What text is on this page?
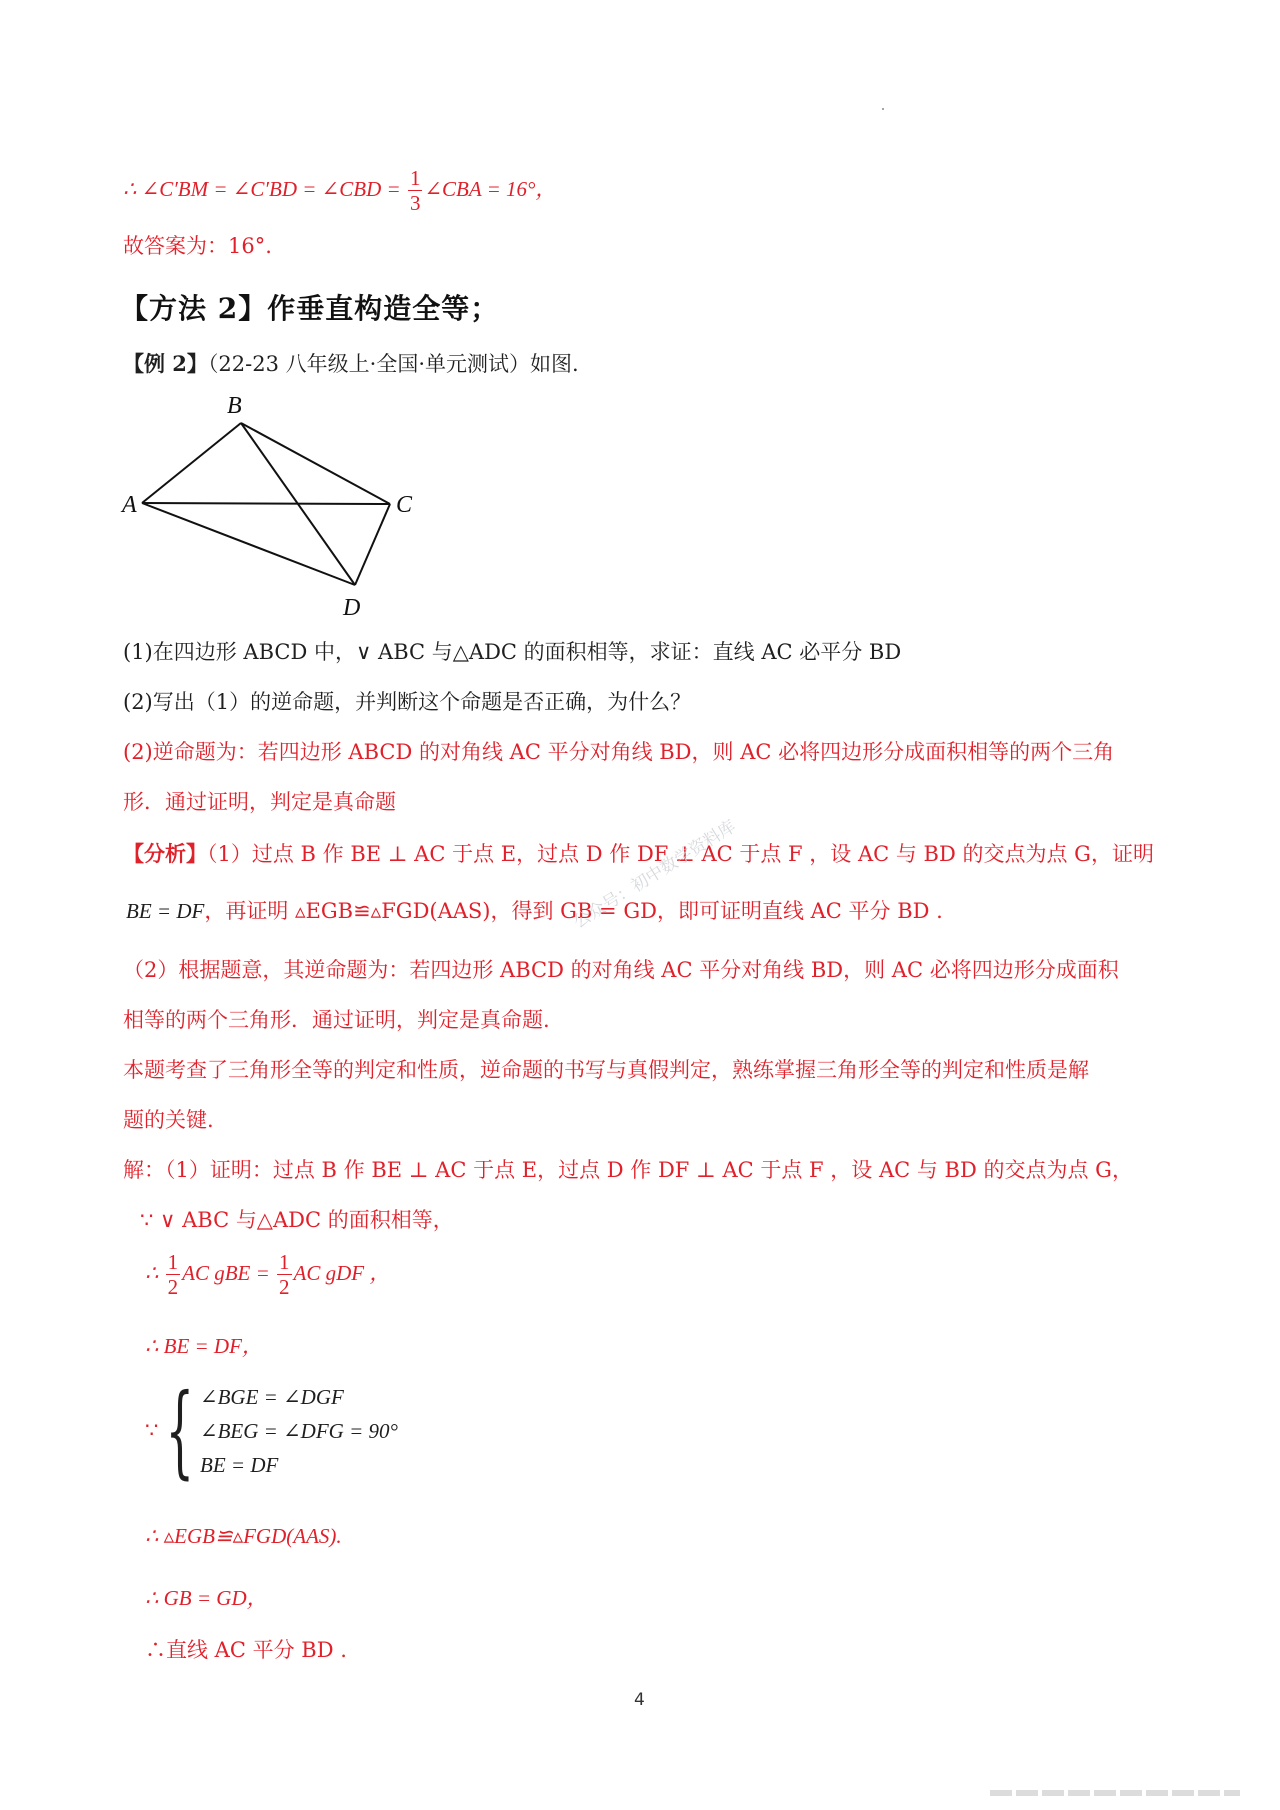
∴ ∠C′BM = ∠C′BD = ∠CBD = $\frac{1}{3}$ ∠CBA = 16°，
故答案为：16°.
【方法 2】作垂直构造全等；
【例 2】（22-23 八年级上·全国·单元测试）如图.
B
A	C
D
(1)在四边形 ABCD 中，∨ ABC 与△ADC 的面积相等，求证：直线 AC 必平分 BD
(2)写出（1）的逆命题，并判断这个命题是否正确，为什么？
(2)逆命题为：若四边形 ABCD 的对角线 AC 平分对角线 BD，则 AC 必将四边形分成面积相等的两个三角
形．通过证明，判定是真命题
【分析】（1）过点 B 作 BE ⊥ AC 于点 E，过点 D 作 DF ⊥ AC 于点 F ，设 AC 与 BD 的交点为点 G，证明
BE = DF，再证明 ▵EGB≌▵FGD(AAS)，得到 GB = GD，即可证明直线 AC 平分 BD .
公众号：初中数学资料库
（2）根据题意，其逆命题为：若四边形 ABCD 的对角线 AC 平分对角线 BD，则 AC 必将四边形分成面积
相等的两个三角形．通过证明，判定是真命题.
本题考查了三角形全等的判定和性质，逆命题的书写与真假判定，熟练掌握三角形全等的判定和性质是解
题的关键.
解：（1）证明：过点 B 作 BE ⊥ AC 于点 E，过点 D 作 DF ⊥ AC 于点 F ，设 AC 与 BD 的交点为点 G，
∵ ∨ ABC 与△ADC 的面积相等，
∴ $\frac{1}{2}$ AC gBE = $\frac{1}{2}$ AC gDF ，
∴ BE = DF，
∵ { ∠BGE = ∠DGF
∠BEG = ∠DFG = 90°
BE = DF
∴ ▵EGB≌▵FGD(AAS).
∴ GB = GD，
∴直线 AC 平分 BD .
4
